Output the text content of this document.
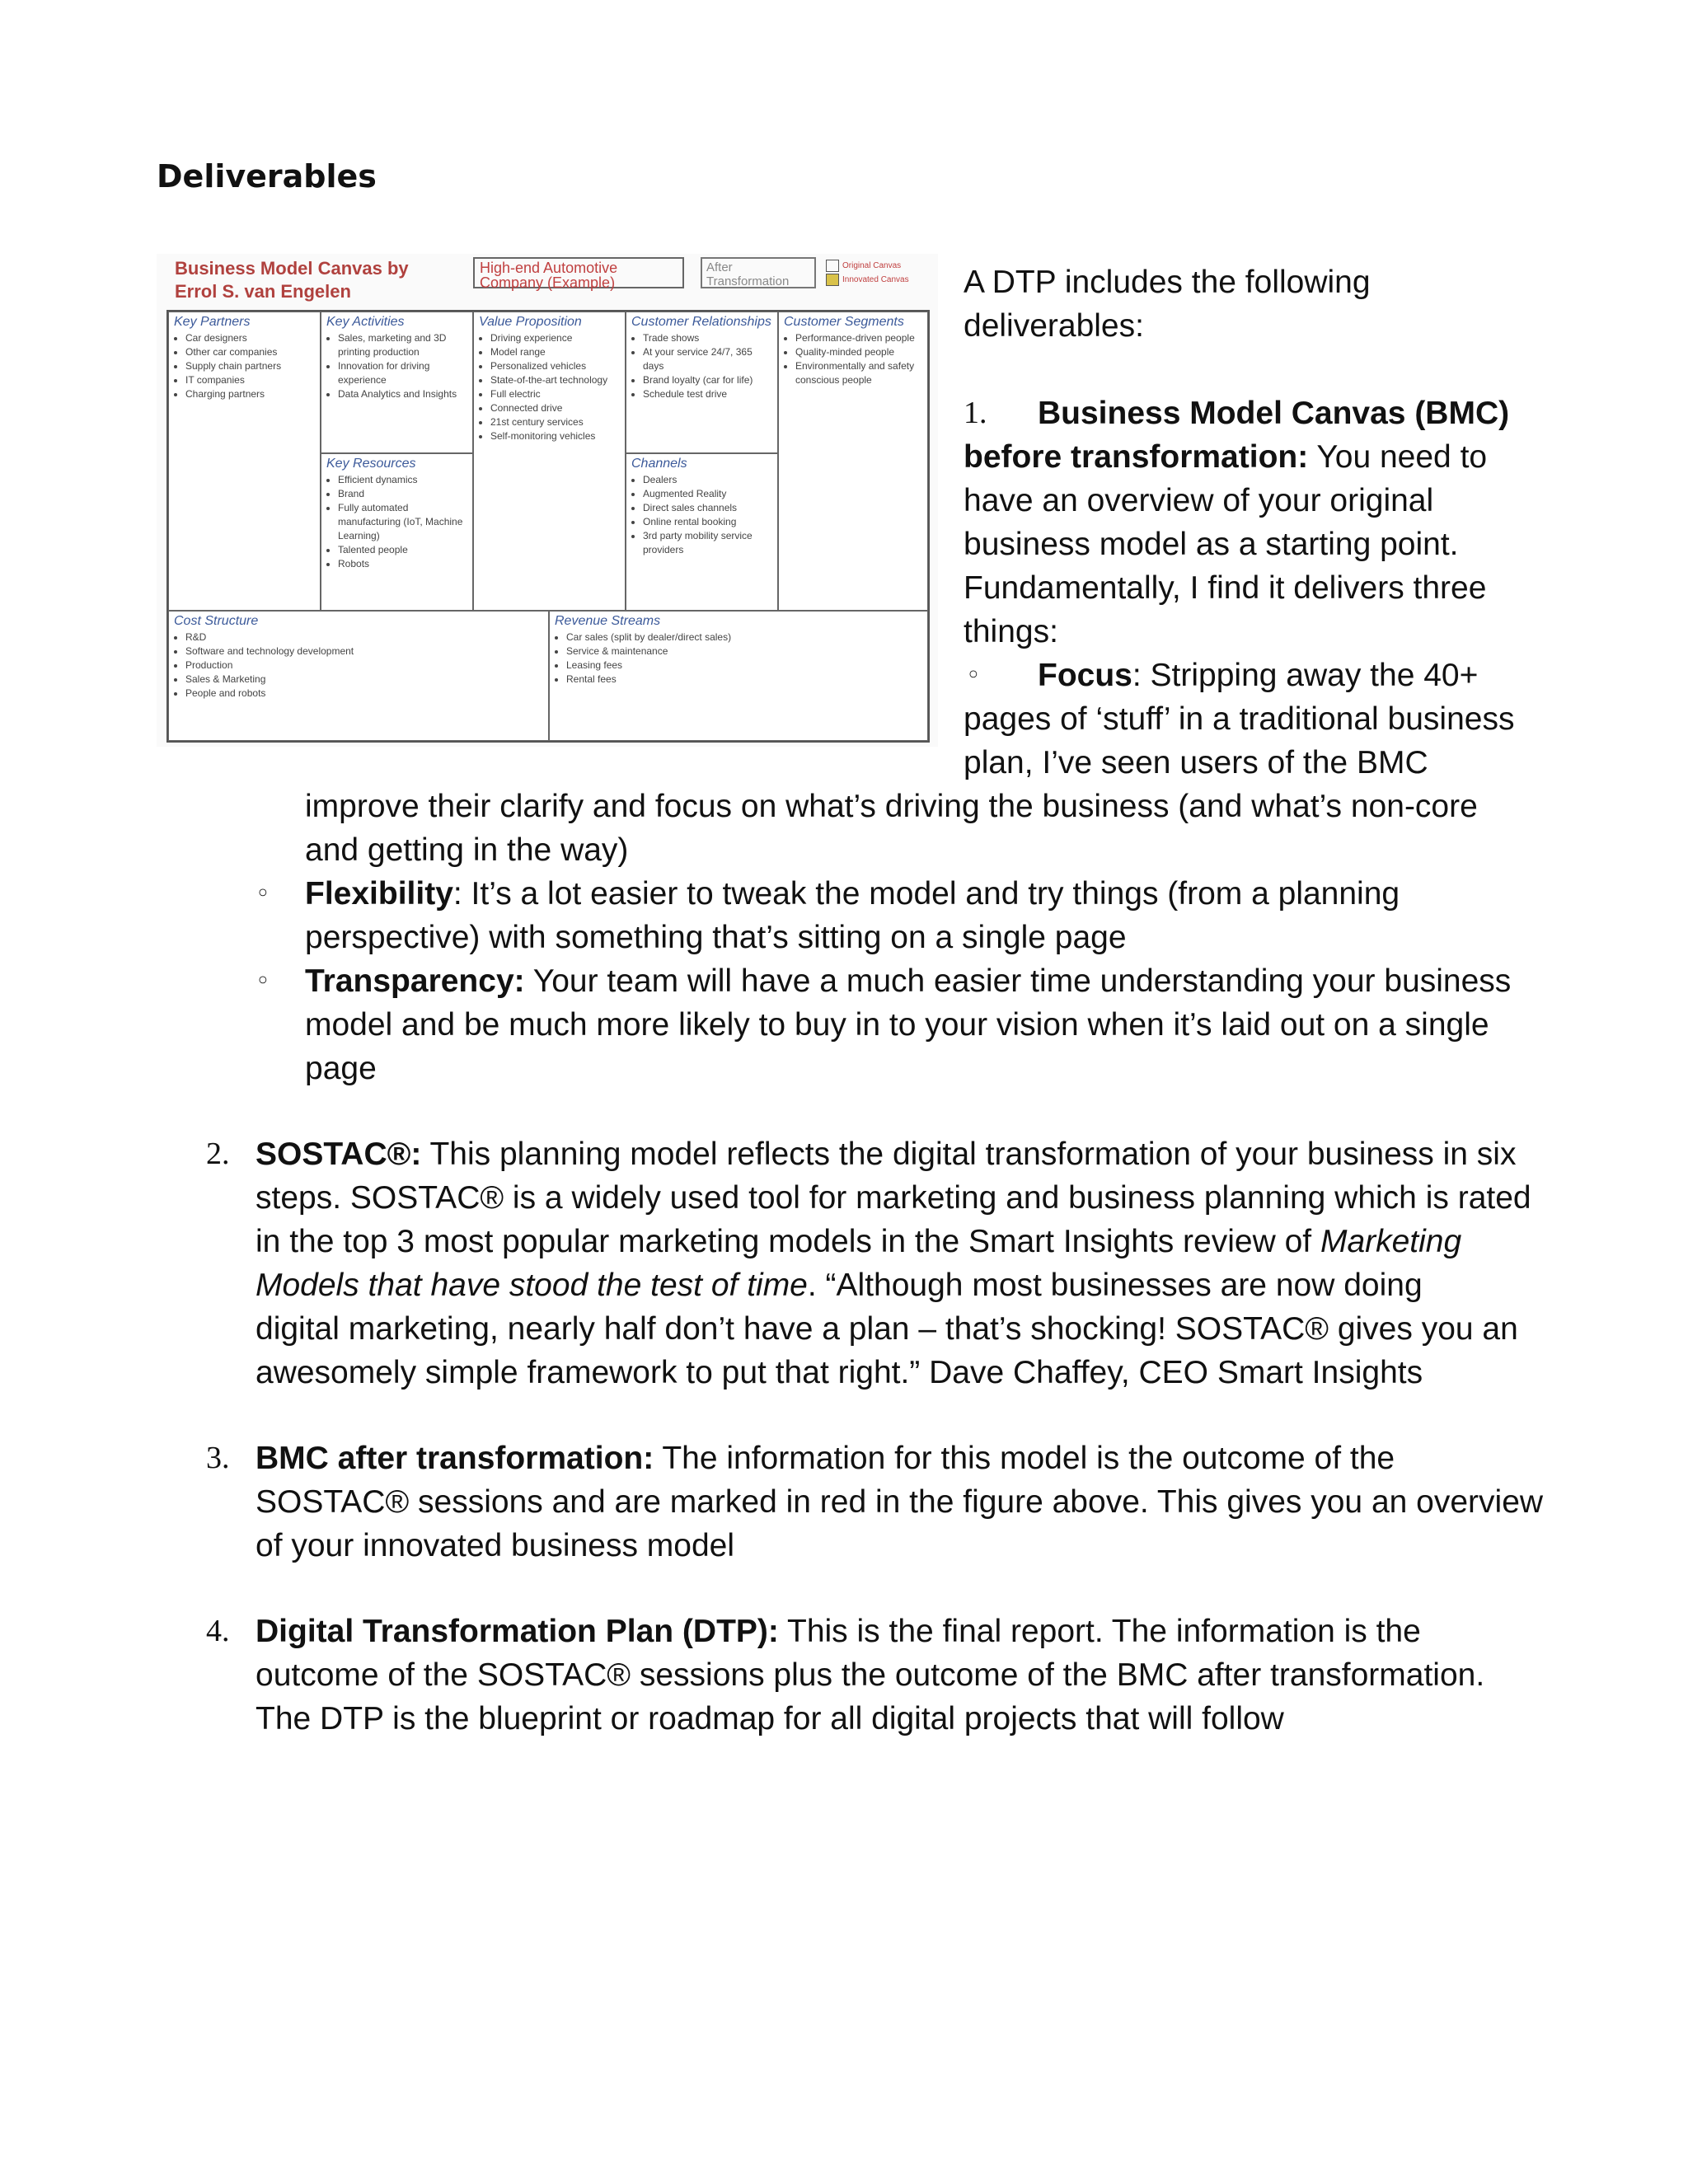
Deliverables
Business Model Canvas by
Errol S. van Engelen
High-end Automotive
Company (Example)
After
Transformation
Original Canvas
Innovated Canvas
Key Partners
• Car designers
• Other car companies
• Supply chain partners
• IT companies
• Charging partners
Key Activities
• Sales, marketing and 3D printing production
• Innovation for driving experience
• Data Analytics and Insights
Key Resources
• Efficient dynamics
• Brand
• Fully automated manufacturing (IoT, Machine Learning)
• Talented people
• Robots
Value Proposition
• Driving experience
• Model range
• Personalized vehicles
• State-of-the-art technology
• Full electric
• Connected drive
• 21st century services
• Self-monitoring vehicles
Customer Relationships
• Trade shows
• At your service 24/7, 365 days
• Brand loyalty (car for life)
• Schedule test drive
Channels
• Dealers
• Augmented Reality
• Direct sales channels
• Online rental booking
• 3rd party mobility service providers
Customer Segments
• Performance-driven people
• Quality-minded people
• Environmentally and safety conscious people
Cost Structure
• R&D
• Software and technology development
• Production
• Sales & Marketing
• People and robots
Revenue Streams
• Car sales (split by dealer/direct sales)
• Service & maintenance
• Leasing fees
• Rental fees
A DTP includes the following
deliverables:
1. Business Model Canvas (BMC)
before transformation: You need to
have an overview of your original
business model as a starting point.
Fundamentally, I find it delivers three
things:
◦ Focus: Stripping away the 40+
pages of ‘stuff’ in a traditional business
plan, I’ve seen users of the BMC
improve their clarify and focus on what’s driving the business (and what’s non-core
and getting in the way)
◦ Flexibility: It’s a lot easier to tweak the model and try things (from a planning
perspective) with something that’s sitting on a single page
◦ Transparency: Your team will have a much easier time understanding your business
model and be much more likely to buy in to your vision when it’s laid out on a single
page
2. SOSTAC®: This planning model reflects the digital transformation of your business in six
steps. SOSTAC® is a widely used tool for marketing and business planning which is rated
in the top 3 most popular marketing models in the Smart Insights review of Marketing
Models that have stood the test of time. “Although most businesses are now doing
digital marketing, nearly half don’t have a plan – that’s shocking! SOSTAC® gives you an
awesomely simple framework to put that right.” Dave Chaffey, CEO Smart Insights
3. BMC after transformation: The information for this model is the outcome of the
SOSTAC® sessions and are marked in red in the figure above. This gives you an overview
of your innovated business model
4. Digital Transformation Plan (DTP): This is the final report. The information is the
outcome of the SOSTAC® sessions plus the outcome of the BMC after transformation.
The DTP is the blueprint or roadmap for all digital projects that will follow
